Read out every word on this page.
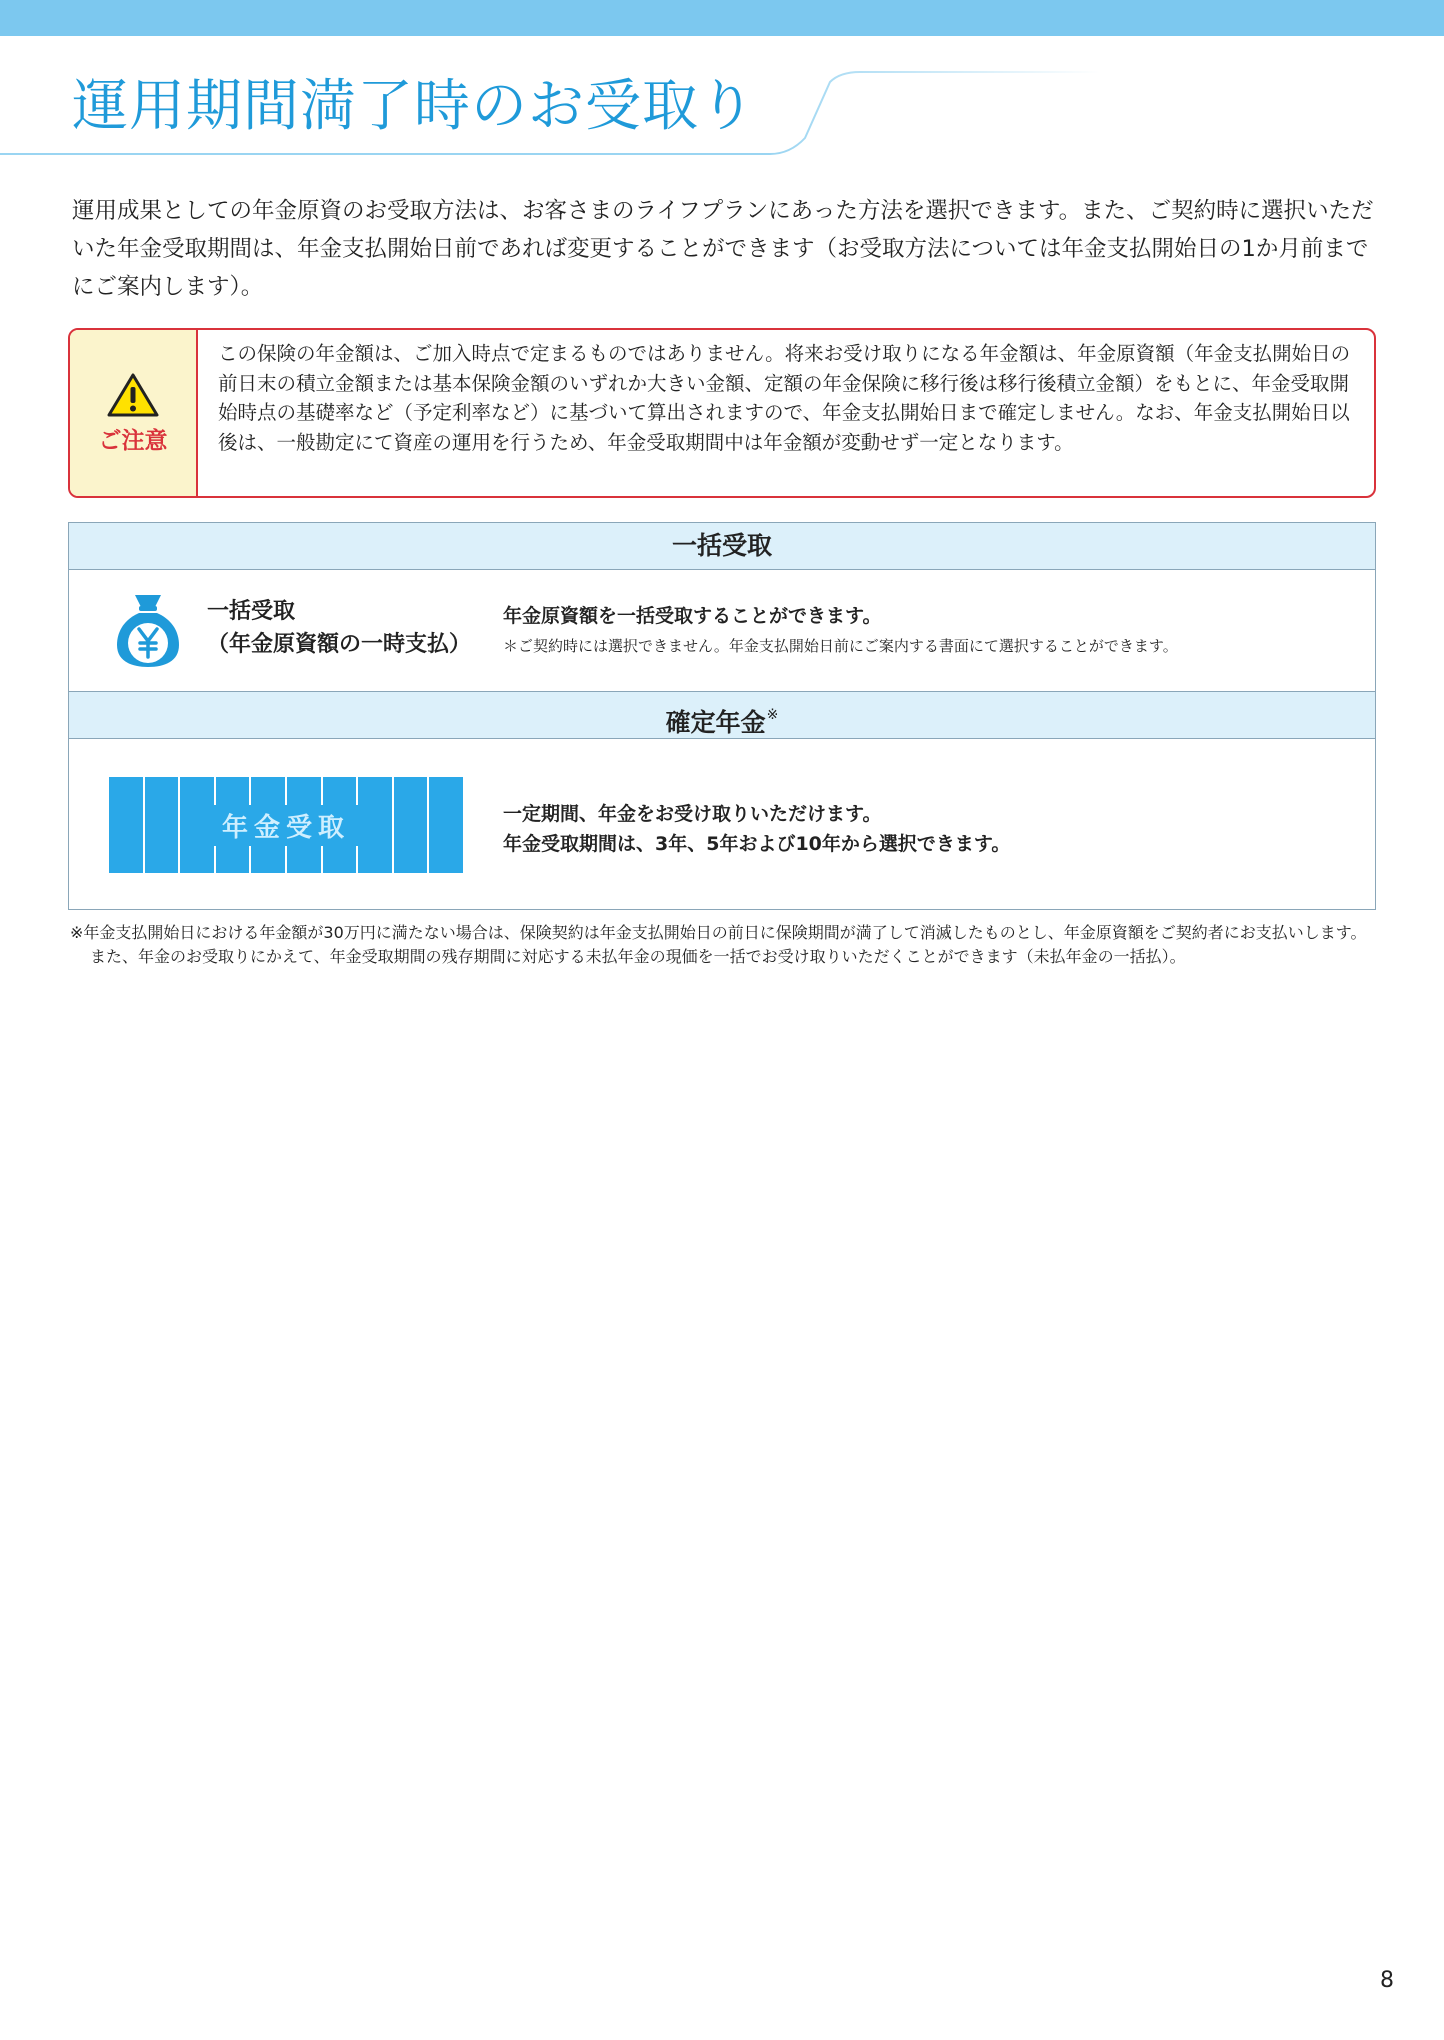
運用期間満了時のお受取り

運用成果としての年金原資のお受取方法は、お客さまのライフプランにあった方法を選択できます。また、ご契約時に選択いただいた年金受取期間は、年金支払開始日前であれば変更することができます（お受取方法については年金支払開始日の1か月前までにご案内します）。

ご注意
この保険の年金額は、ご加入時点で定まるものではありません。将来お受け取りになる年金額は、年金原資額（年金支払開始日の前日末の積立金額または基本保険金額のいずれか大きい金額、定額の年金保険に移行後は移行後積立金額）をもとに、年金受取開始時点の基礎率など（予定利率など）に基づいて算出されますので、年金支払開始日まで確定しません。なお、年金支払開始日以後は、一般勘定にて資産の運用を行うため、年金受取期間中は年金額が変動せず一定となります。
一括受取
一括受取
（年金原資額の一時支払）
年金原資額を一括受取することができます。
＊ご契約時には選択できません。年金支払開始日前にご案内する書面にて選択することができます。
確定年金※
年金受取	一定期間、年金をお受け取りいただけます。
年金受取期間は、3年、5年および10年から選択できます。

※年金支払開始日における年金額が30万円に満たない場合は、保険契約は年金支払開始日の前日に保険期間が満了して消滅したものとし、年金原資額をご契約者にお支払いします。また、年金のお受取りにかえて、年金受取期間の残存期間に対応する未払年金の現価を一括でお受け取りいただくことができます（未払年金の一括払）。

8
